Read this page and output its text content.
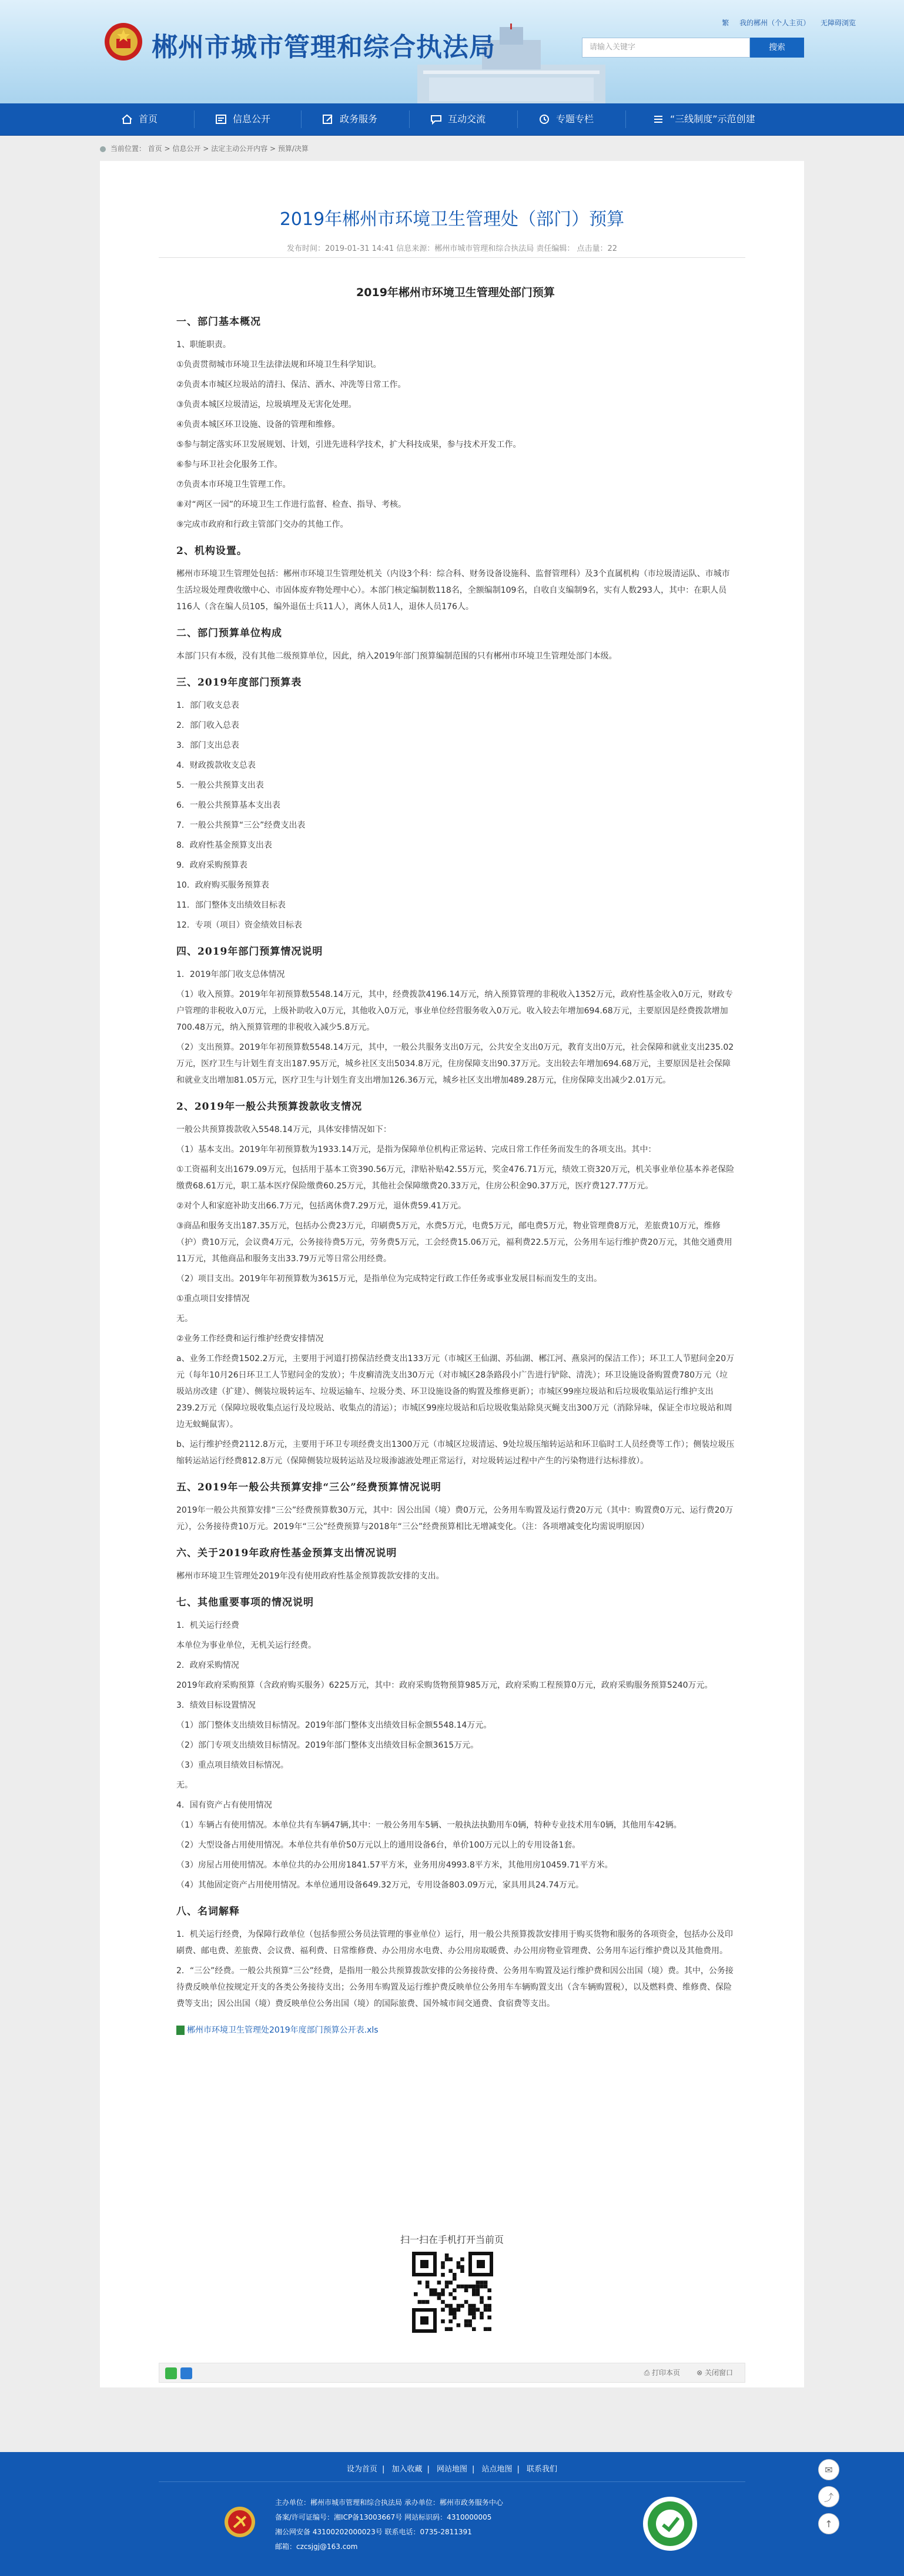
郴州市城市管理和综合执法局
繁 我的郴州（个人主页） 无障碍浏览
请输入关键字	搜索
首页	信息公开	政务服务	互动交流	专题专栏	“三线制度”示范创建
当前位置： 首页 > 信息公开 > 法定主动公开内容 > 预算/决算
2019年郴州市环境卫生管理处（部门）预算
发布时间：2019-01-31 14:41 信息来源：郴州市城市管理和综合执法局 责任编辑： 点击量：22
2019年郴州市环境卫生管理处部门预算
一、部门基本概况

1、职能职责。

①负责贯彻城市环境卫生法律法规和环境卫生科学知识。

②负责本市城区垃圾站的清扫、保洁、洒水、冲洗等日常工作。

③负责本城区垃圾清运，垃圾填埋及无害化处理。

④负责本城区环卫设施、设备的管理和维修。

⑤参与制定落实环卫发展规划、计划，引进先进科学技术，扩大科技成果，参与技术开发工作。

⑥参与环卫社会化服务工作。

⑦负责本市环境卫生管理工作。

⑧对“两区一园”的环境卫生工作进行监督、检查、指导、考核。

⑨完成市政府和行政主管部门交办的其他工作。

2、机构设置。

郴州市环境卫生管理处包括：郴州市环境卫生管理处机关（内设3个科：综合科、财务设备设施科、监督管理科）及3个直属机构（市垃圾清运队、市城市生活垃圾处理费收缴中心、市固体废弃物处理中心）。本部门核定编制数118名，全额编制109名，自收自支编制9名，实有人数293人，其中：在职人员116人（含在编人员105，编外退伍士兵11人），离休人员1人，退休人员176人。

二、部门预算单位构成

本部门只有本级，没有其他二级预算单位，因此，纳入2019年部门预算编制范围的只有郴州市环境卫生管理处部门本级。

三、2019年度部门预算表

1．部门收支总表

2．部门收入总表

3．部门支出总表

4．财政拨款收支总表

5．一般公共预算支出表

6．一般公共预算基本支出表

7．一般公共预算“三公”经费支出表

8．政府性基金预算支出表

9．政府采购预算表

10．政府购买服务预算表

11．部门整体支出绩效目标表

12．专项（项目）资金绩效目标表

四、2019年部门预算情况说明

1．2019年部门收支总体情况

（1）收入预算。2019年年初预算数5548.14万元，其中，经费拨款4196.14万元，纳入预算管理的非税收入1352万元，政府性基金收入0万元，财政专户管理的非税收入0万元，上级补助收入0万元，其他收入0万元，事业单位经营服务收入0万元。收入较去年增加694.68万元，主要原因是经费拨款增加700.48万元，纳入预算管理的非税收入减少5.8万元。

（2）支出预算。2019年年初预算数5548.14万元，其中，一般公共服务支出0万元，公共安全支出0万元，教育支出0万元，社会保障和就业支出235.02万元，医疗卫生与计划生育支出187.95万元，城乡社区支出5034.8万元，住房保障支出90.37万元。支出较去年增加694.68万元，主要原因是社会保障和就业支出增加81.05万元，医疗卫生与计划生育支出增加126.36万元，城乡社区支出增加489.28万元，住房保障支出减少2.01万元。

2、2019年一般公共预算拨款收支情况

一般公共预算拨款收入5548.14万元，具体安排情况如下：

（1）基本支出。2019年年初预算数为1933.14万元，是指为保障单位机构正常运转、完成日常工作任务而发生的各项支出。其中：

①工资福利支出1679.09万元，包括用于基本工资390.56万元，津贴补贴42.55万元，奖金476.71万元，绩效工资320万元，机关事业单位基本养老保险缴费68.61万元，职工基本医疗保险缴费60.25万元，其他社会保障缴费20.33万元，住房公积金90.37万元，医疗费127.77万元。

②对个人和家庭补助支出66.7万元，包括离休费7.29万元，退休费59.41万元。

③商品和服务支出187.35万元，包括办公费23万元，印刷费5万元，水费5万元，电费5万元，邮电费5万元，物业管理费8万元，差旅费10万元，维修（护）费10万元，会议费4万元，公务接待费5万元，劳务费5万元，工会经费15.06万元，福利费22.5万元，公务用车运行维护费20万元，其他交通费用11万元，其他商品和服务支出33.79万元等日常公用经费。

（2）项目支出。2019年年初预算数为3615万元，是指单位为完成特定行政工作任务或事业发展目标而发生的支出。

①重点项目安排情况

无。

②业务工作经费和运行维护经费安排情况

a、业务工作经费1502.2万元，主要用于河道打捞保洁经费支出133万元（市城区王仙湖、苏仙湖、郴江河、燕泉河的保洁工作）；环卫工人节慰问金20万元（每年10月26日环卫工人节慰问金的发放）；牛皮癣清洗支出30万元（对市城区28条路段小广告进行铲除、清洗）；环卫设施设备购置费780万元（垃圾站房改建（扩建）、侧装垃圾转运车、垃圾运输车、垃圾分类、环卫设施设备的购置及维修更新）；市城区99座垃圾站和后垃圾收集站运行维护支出239.2万元（保障垃圾收集点运行及垃圾站、收集点的清运）；市城区99座垃圾站和后垃圾收集站除臭灭蝇支出300万元（消除异味，保证全市垃圾站和周边无蚊蝇鼠害）。

b、运行维护经费2112.8万元，主要用于环卫专项经费支出1300万元（市城区垃圾清运、9处垃圾压缩转运站和环卫临时工人员经费等工作）；侧装垃圾压缩转运站运行经费812.8万元（保障侧装垃圾转运站及垃圾渗滤液处理正常运行，对垃圾转运过程中产生的污染物进行达标排放）。

五、2019年一般公共预算安排“三公”经费预算情况说明

2019年一般公共预算安排“三公”经费预算数30万元，其中：因公出国（境）费0万元，公务用车购置及运行费20万元（其中：购置费0万元、运行费20万元），公务接待费10万元。2019年“三公”经费预算与2018年“三公”经费预算相比无增减变化。（注：各项增减变化均需说明原因）

六、关于2019年政府性基金预算支出情况说明

郴州市环境卫生管理处2019年没有使用政府性基金预算拨款安排的支出。

七、其他重要事项的情况说明

1．机关运行经费

本单位为事业单位，无机关运行经费。

2．政府采购情况

2019年政府采购预算（含政府购买服务）6225万元，其中：政府采购货物预算985万元，政府采购工程预算0万元，政府采购服务预算5240万元。

3．绩效目标设置情况

（1）部门整体支出绩效目标情况。2019年部门整体支出绩效目标金额5548.14万元。

（2）部门专项支出绩效目标情况。2019年部门整体支出绩效目标金额3615万元。

（3）重点项目绩效目标情况。

无。

4．国有资产占有使用情况

（1）车辆占有使用情况。本单位共有车辆47辆,其中：一般公务用车5辆、一般执法执勤用车0辆，特种专业技术用车0辆，其他用车42辆。

（2）大型设备占用使用情况。本单位共有单价50万元以上的通用设备6台，单价100万元以上的专用设备1套。

（3）房屋占用使用情况。本单位共的办公用房1841.57平方米，业务用房4993.8平方米，其他用房10459.71平方米。

（4）其他固定资产占用使用情况。本单位通用设备649.32万元，专用设备803.09万元，家具用具24.74万元。

八、名词解释

1．机关运行经费，为保障行政单位（包括参照公务员法管理的事业单位）运行，用一般公共预算拨款安排用于购买货物和服务的各项资金，包括办公及印刷费、邮电费、差旅费、会议费、福利费、日常维修费、办公用房水电费、办公用房取暖费、办公用房物业管理费、公务用车运行维护费以及其他费用。

2．“三公”经费。一般公共预算“三公”经费，是指用一般公共预算拨款安排的公务接待费、公务用车购置及运行维护费和因公出国（境）费。其中，公务接待费反映单位按规定开支的各类公务接待支出；公务用车购置及运行维护费反映单位公务用车车辆购置支出（含车辆购置税），以及燃料费、维修费、保险费等支出；因公出国（境）费反映单位公务出国（境）的国际旅费、国外城市间交通费、食宿费等支出。

郴州市环境卫生管理处2019年度部门预算公开表.xls
扫一扫在手机打开当前页
⎙ 打印本页 ⊗ 关闭窗口
设为首页 | 加入收藏 | 网站地图 | 站点地图 | 联系我们
主办单位：郴州市城市管理和综合执法局 承办单位：郴州市政务服务中心
备案/许可证编号：湘ICP备13003667号 网站标识码：4310000005
湘公网安备 43100202000023号 联系电话：0735-2811391
邮箱：czcsjgj@163.com
✉
⤴
↑
